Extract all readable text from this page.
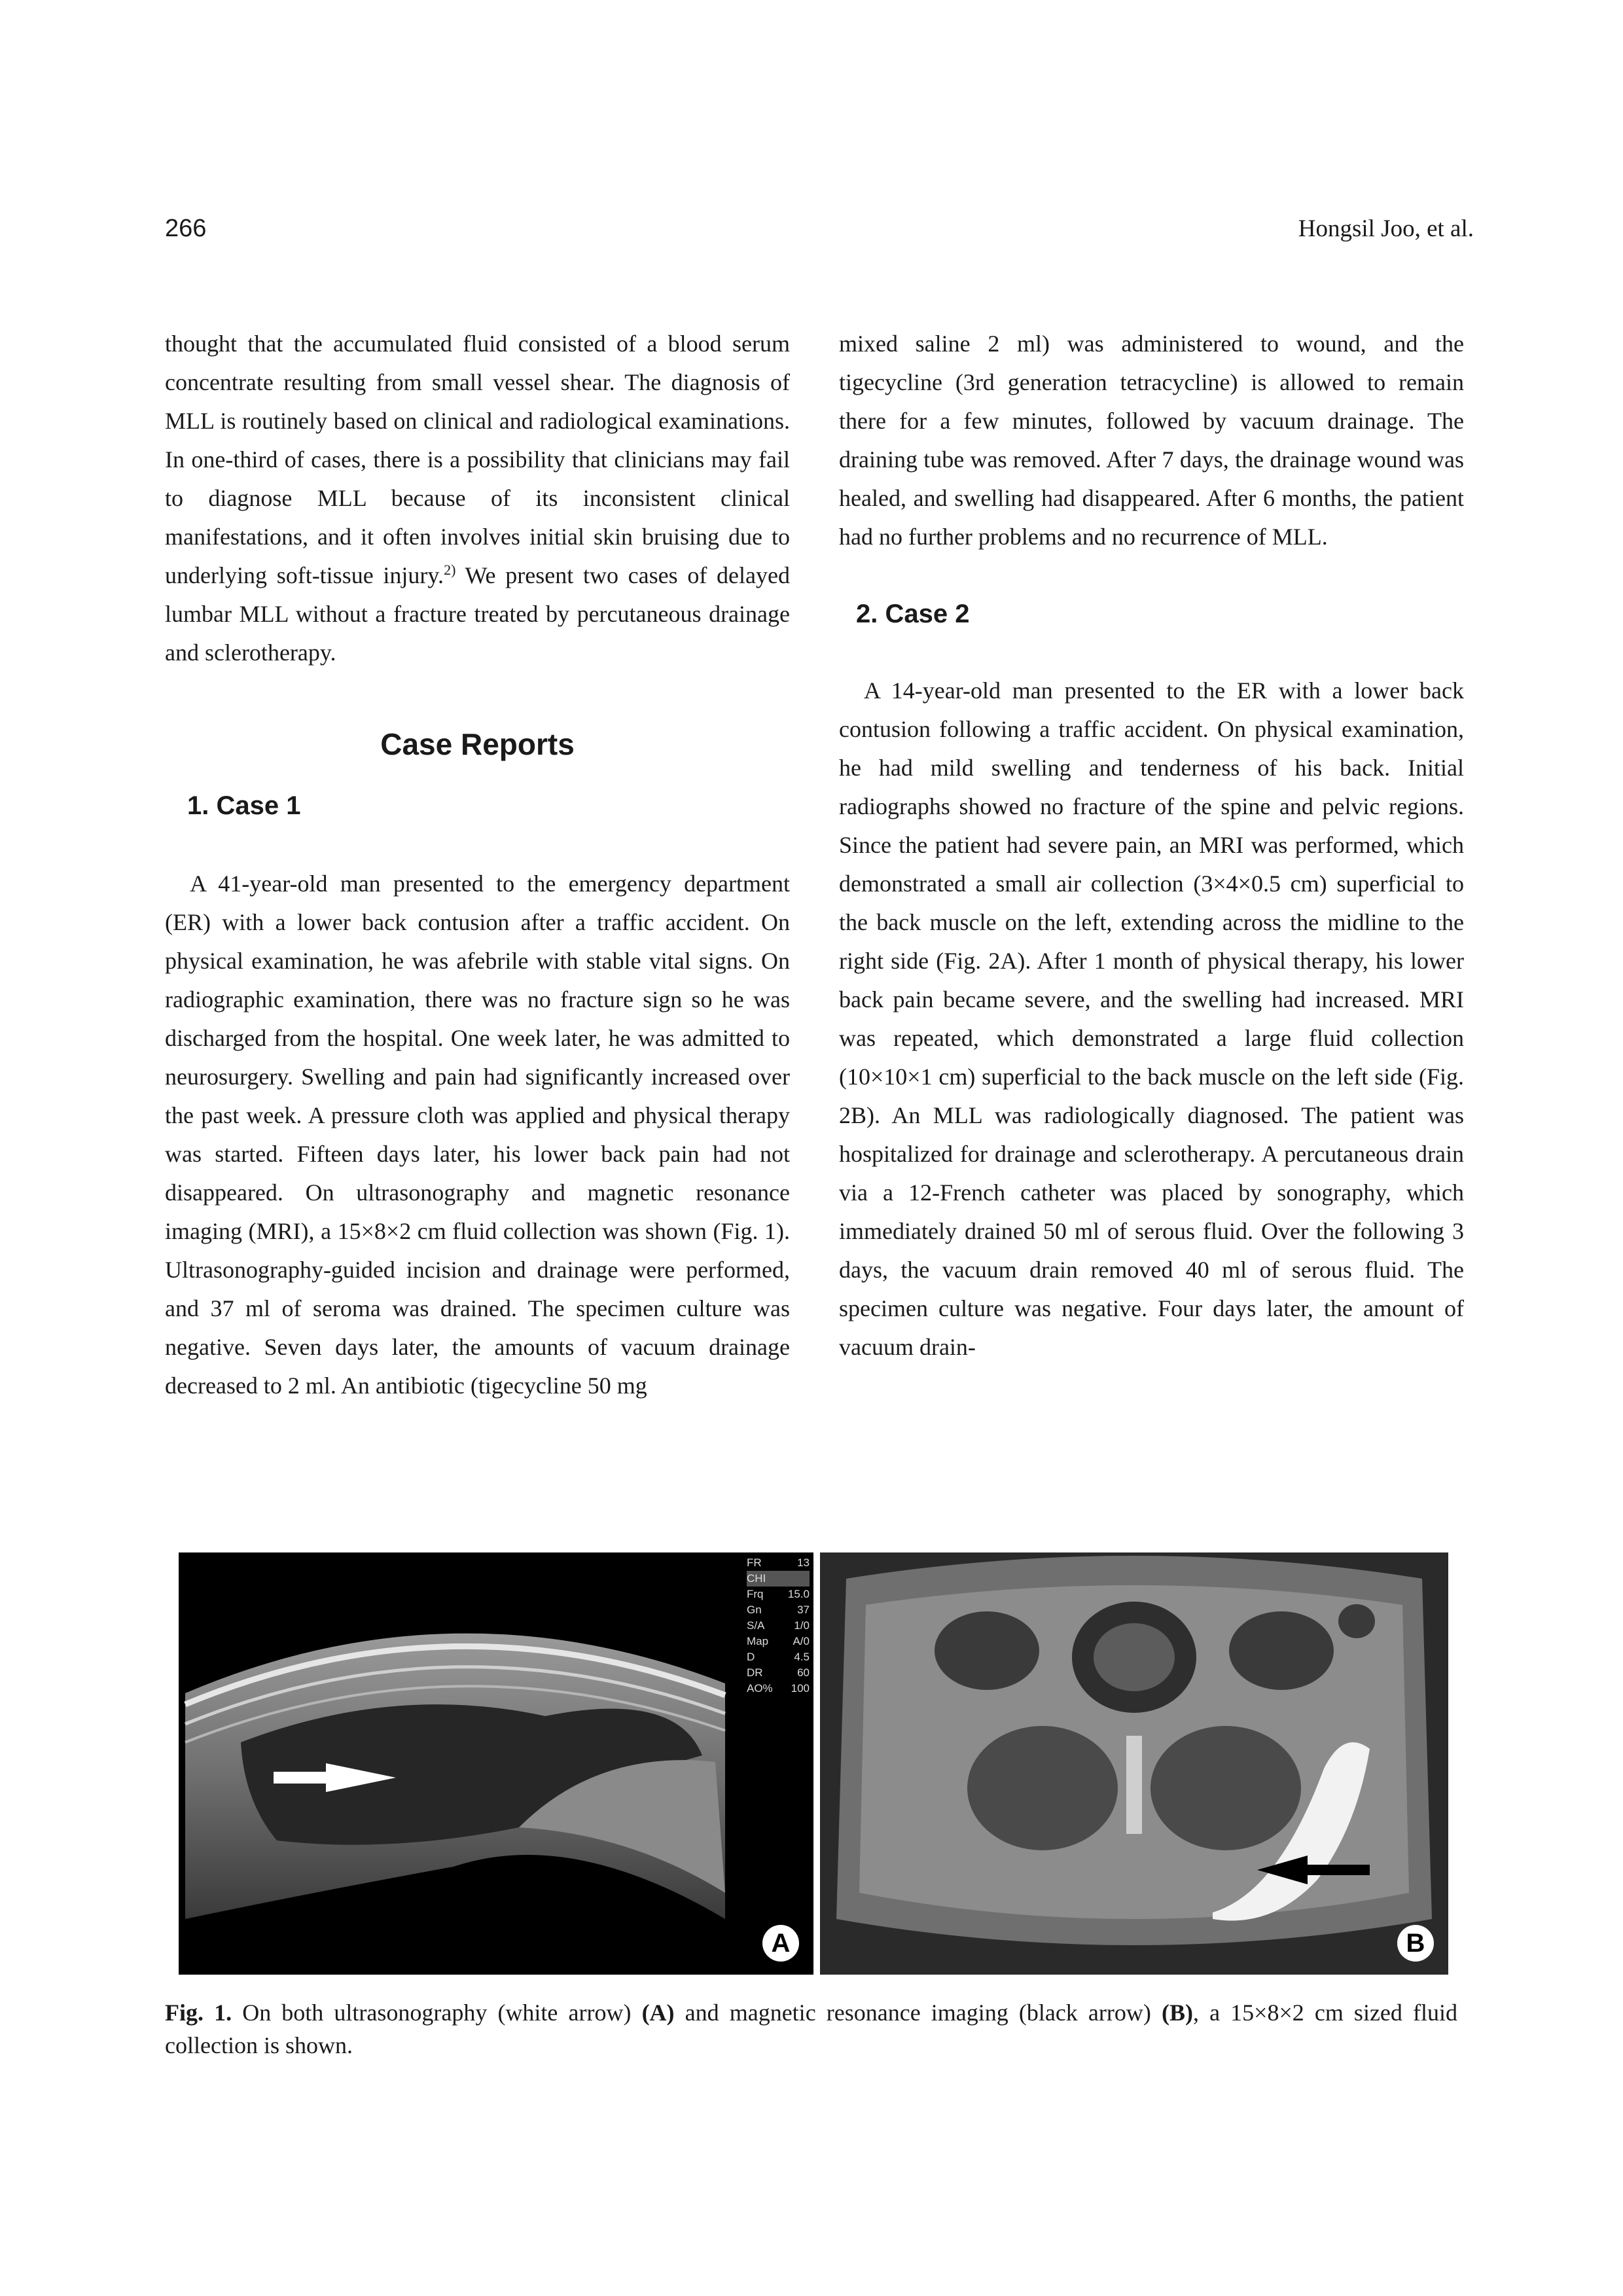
266	Hongsil Joo, et al.

thought that the accumulated fluid consisted of a blood serum concentrate resulting from small vessel shear. The diagnosis of MLL is routinely based on clinical and radiological examinations. In one-third of cases, there is a possibility that clinicians may fail to diagnose MLL because of its inconsistent clinical manifestations, and it often involves initial skin bruising due to underlying soft-tissue injury.$^{2)}$ We present two cases of delayed lumbar MLL without a fracture treated by percutaneous drainage and sclerotherapy.

Case Reports
1. Case 1

A 41-year-old man presented to the emergency department (ER) with a lower back contusion after a traffic accident. On physical examination, he was afebrile with stable vital signs. On radiographic examination, there was no fracture sign so he was discharged from the hospital. One week later, he was admitted to neurosurgery. Swelling and pain had significantly increased over the past week. A pressure cloth was applied and physical therapy was started. Fifteen days later, his lower back pain had not disappeared. On ultrasonography and magnetic resonance imaging (MRI), a 15×8×2 cm fluid collection was shown (Fig. 1). Ultrasonography-guided incision and drainage were performed, and 37 ml of seroma was drained. The specimen culture was negative. Seven days later, the amounts of vacuum drainage decreased to 2 ml. An antibiotic (tigecycline 50 mg

mixed saline 2 ml) was administered to wound, and the tigecycline (3rd generation tetracycline) is allowed to remain there for a few minutes, followed by vacuum drainage. The draining tube was removed. After 7 days, the drainage wound was healed, and swelling had disappeared. After 6 months, the patient had no further problems and no recurrence of MLL.

2. Case 2

A 14-year-old man presented to the ER with a lower back contusion following a traffic accident. On physical examination, he had mild swelling and tenderness of his back. Initial radiographs showed no fracture of the spine and pelvic regions. Since the patient had severe pain, an MRI was performed, which demonstrated a small air collection (3×4×0.5 cm) superficial to the back muscle on the left, extending across the midline to the right side (Fig. 2A). After 1 month of physical therapy, his lower back pain became severe, and the swelling had increased. MRI was repeated, which demonstrated a large fluid collection (10×10×1 cm) superficial to the back muscle on the left side (Fig. 2B). An MLL was radiologically diagnosed. The patient was hospitalized for drainage and sclerotherapy. A percutaneous drain via a 12-French catheter was placed by sonography, which immediately drained 50 ml of serous fluid. Over the following 3 days, the vacuum drain removed 40 ml of serous fluid. The specimen culture was negative. Four days later, the amount of vacuum drain-

FR	13
CHI
Frq 15.0
Gn	37
S/A	1/0
Map A/0
D	4.5
DR	60
AO% 100
A	B

Fig. 1. On both ultrasonography (white arrow) (A) and magnetic resonance imaging (black arrow) (B), a 15×8×2 cm sized fluid collection is shown.
